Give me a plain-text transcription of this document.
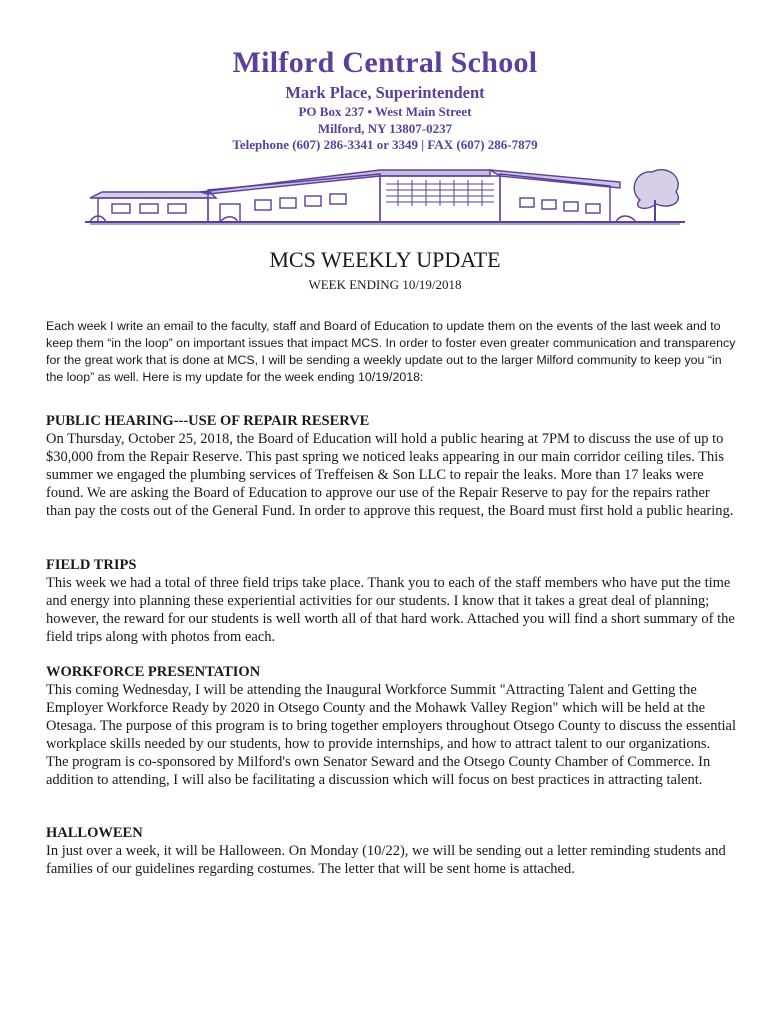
Milford Central School
Mark Place, Superintendent
PO Box 237 • West Main Street
Milford, NY 13807-0237
Telephone (607) 286-3341 or 3349 | FAX (607) 286-7879
MCS WEEKLY UPDATE
WEEK ENDING 10/19/2018

Each week I write an email to the faculty, staff and Board of Education to update them on the events of the last week and to keep them “in the loop” on important issues that impact MCS. In order to foster even greater communication and transparency for the great work that is done at MCS, I will be sending a weekly update out to the larger Milford community to keep you “in the loop” as well. Here is my update for the week ending 10/19/2018:

PUBLIC HEARING---USE OF REPAIR RESERVE

On Thursday, October 25, 2018, the Board of Education will hold a public hearing at 7PM to discuss the use of up to $30,000 from the Repair Reserve. This past spring we noticed leaks appearing in our main corridor ceiling tiles. This summer we engaged the plumbing services of Treffeisen & Son LLC to repair the leaks. More than 17 leaks were found. We are asking the Board of Education to approve our use of the Repair Reserve to pay for the repairs rather than pay the costs out of the General Fund. In order to approve this request, the Board must first hold a public hearing.

FIELD TRIPS

This week we had a total of three field trips take place. Thank you to each of the staff members who have put the time and energy into planning these experiential activities for our students. I know that it takes a great deal of planning; however, the reward for our students is well worth all of that hard work. Attached you will find a short summary of the field trips along with photos from each.

WORKFORCE PRESENTATION

This coming Wednesday, I will be attending the Inaugural Workforce Summit "Attracting Talent and Getting the Employer Workforce Ready by 2020 in Otsego County and the Mohawk Valley Region" which will be held at the Otesaga. The purpose of this program is to bring together employers throughout Otsego County to discuss the essential workplace skills needed by our students, how to provide internships, and how to attract talent to our organizations. The program is co-sponsored by Milford's own Senator Seward and the Otsego County Chamber of Commerce. In addition to attending, I will also be facilitating a discussion which will focus on best practices in attracting talent.

HALLOWEEN

In just over a week, it will be Halloween. On Monday (10/22), we will be sending out a letter reminding students and families of our guidelines regarding costumes. The letter that will be sent home is attached.
